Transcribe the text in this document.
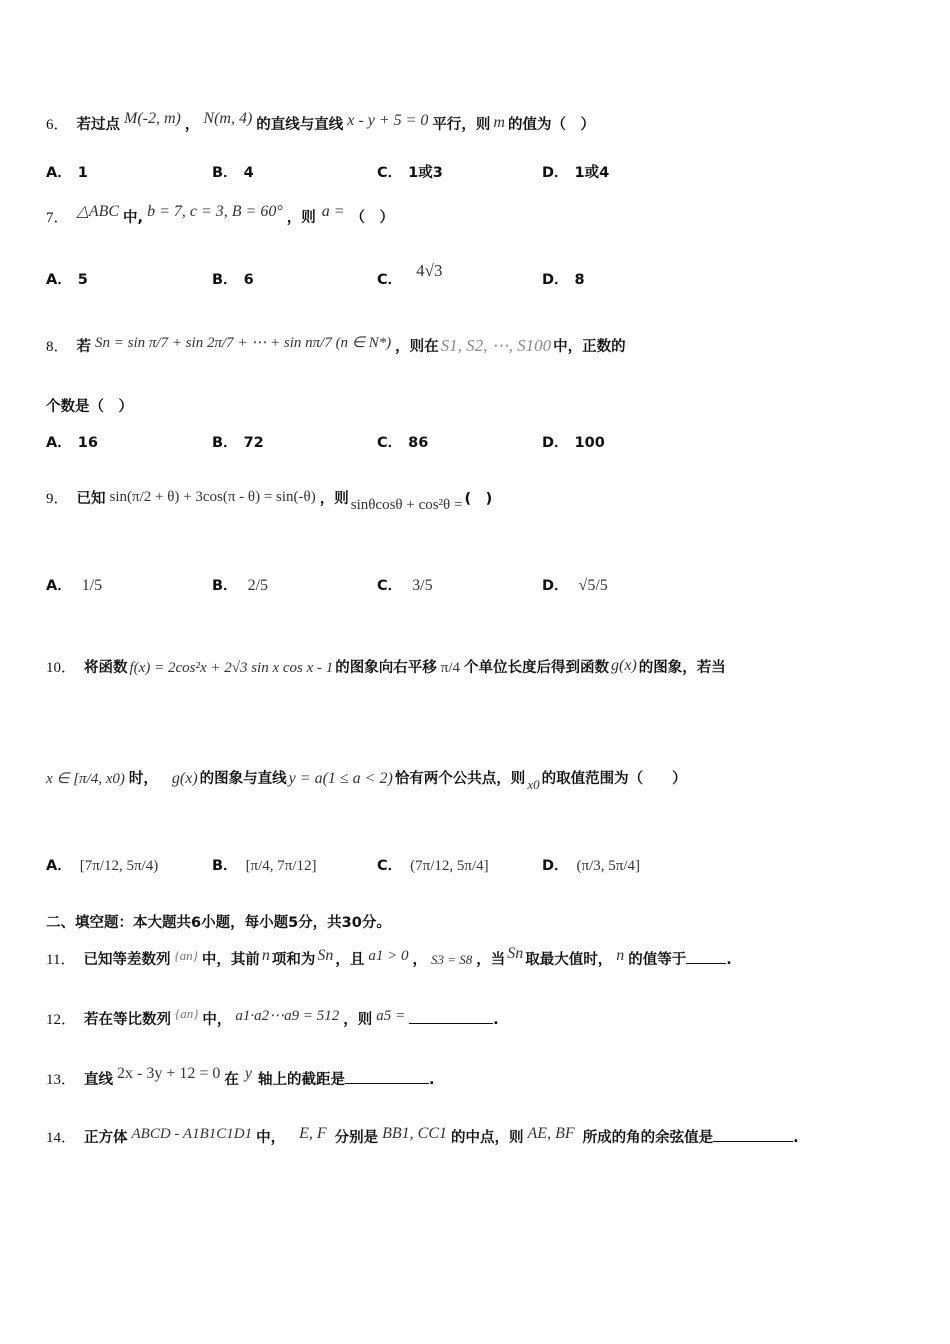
6． 若过点 M(-2, m) ， N(m, 4) 的直线与直线 x - y + 5 = 0 平行，则 m 的值为（　）
A． 1	B． 4	C． 1或3	D． 1或4
7． △ABC 中, b = 7, c = 3, B = 60° ，则 a = （　）
A． 5	B． 6	C． 4√3	D． 8
8． 若 Sn = sin π/7 + sin 2π/7 + ⋯ + sin nπ/7 (n ∈ N*) ，则在 S1, S2, ⋯, S100 中，正数的
个数是（　）
A． 16	B． 72	C． 86	D． 100
9． 已知 sin(π/2 + θ) + 3cos(π - θ) = sin(-θ) ，则 sinθcosθ + cos²θ = (　)
A． 1/5	B． 2/5	C． 3/5	D． √5/5
10． 将函数 f(x) = 2cos²x + 2√3 sin x cos x - 1 的图象向右平移 π/4 个单位长度后得到函数 g(x) 的图象，若当
x ∈ [π/4, x0) 时， g(x) 的图象与直线 y = a(1 ≤ a < 2) 恰有两个公共点，则 x0 的取值范围为（　　）
A． [7π/12, 5π/4)	B． [π/4, 7π/12]	C． (7π/12, 5π/4]	D． (π/3, 5π/4]
二、填空题：本大题共6小题，每小题5分，共30分。
11． 已知等差数列 {an} 中，其前 n 项和为 Sn ，且 a1 > 0 ， S3 = S8 ，当 Sn 取最大值时， n 的值等于	.
12． 若在等比数列 {an} 中， a1·a2⋯a9 = 512 ，则 a5 =	.
13． 直线 2x - 3y + 12 = 0 在 y 轴上的截距是	.
14． 正方体 ABCD - A1B1C1D1 中， E, F 分别是 BB1, CC1 的中点，则 AE, BF 所成的角的余弦值是	.
